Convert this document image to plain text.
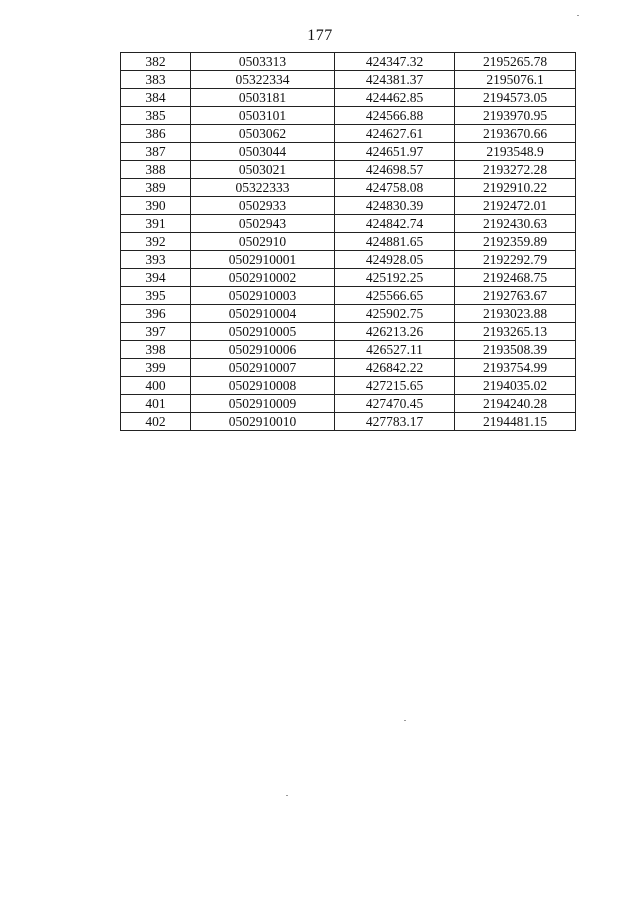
177
382	0503313	424347.32	2195265.78
383	05322334	424381.37	2195076.1
384	0503181	424462.85	2194573.05
385	0503101	424566.88	2193970.95
386	0503062	424627.61	2193670.66
387	0503044	424651.97	2193548.9
388	0503021	424698.57	2193272.28
389	05322333	424758.08	2192910.22
390	0502933	424830.39	2192472.01
391	0502943	424842.74	2192430.63
392	0502910	424881.65	2192359.89
393	0502910001	424928.05	2192292.79
394	0502910002	425192.25	2192468.75
395	0502910003	425566.65	2192763.67
396	0502910004	425902.75	2193023.88
397	0502910005	426213.26	2193265.13
398	0502910006	426527.11	2193508.39
399	0502910007	426842.22	2193754.99
400	0502910008	427215.65	2194035.02
401	0502910009	427470.45	2194240.28
402	0502910010	427783.17	2194481.15
